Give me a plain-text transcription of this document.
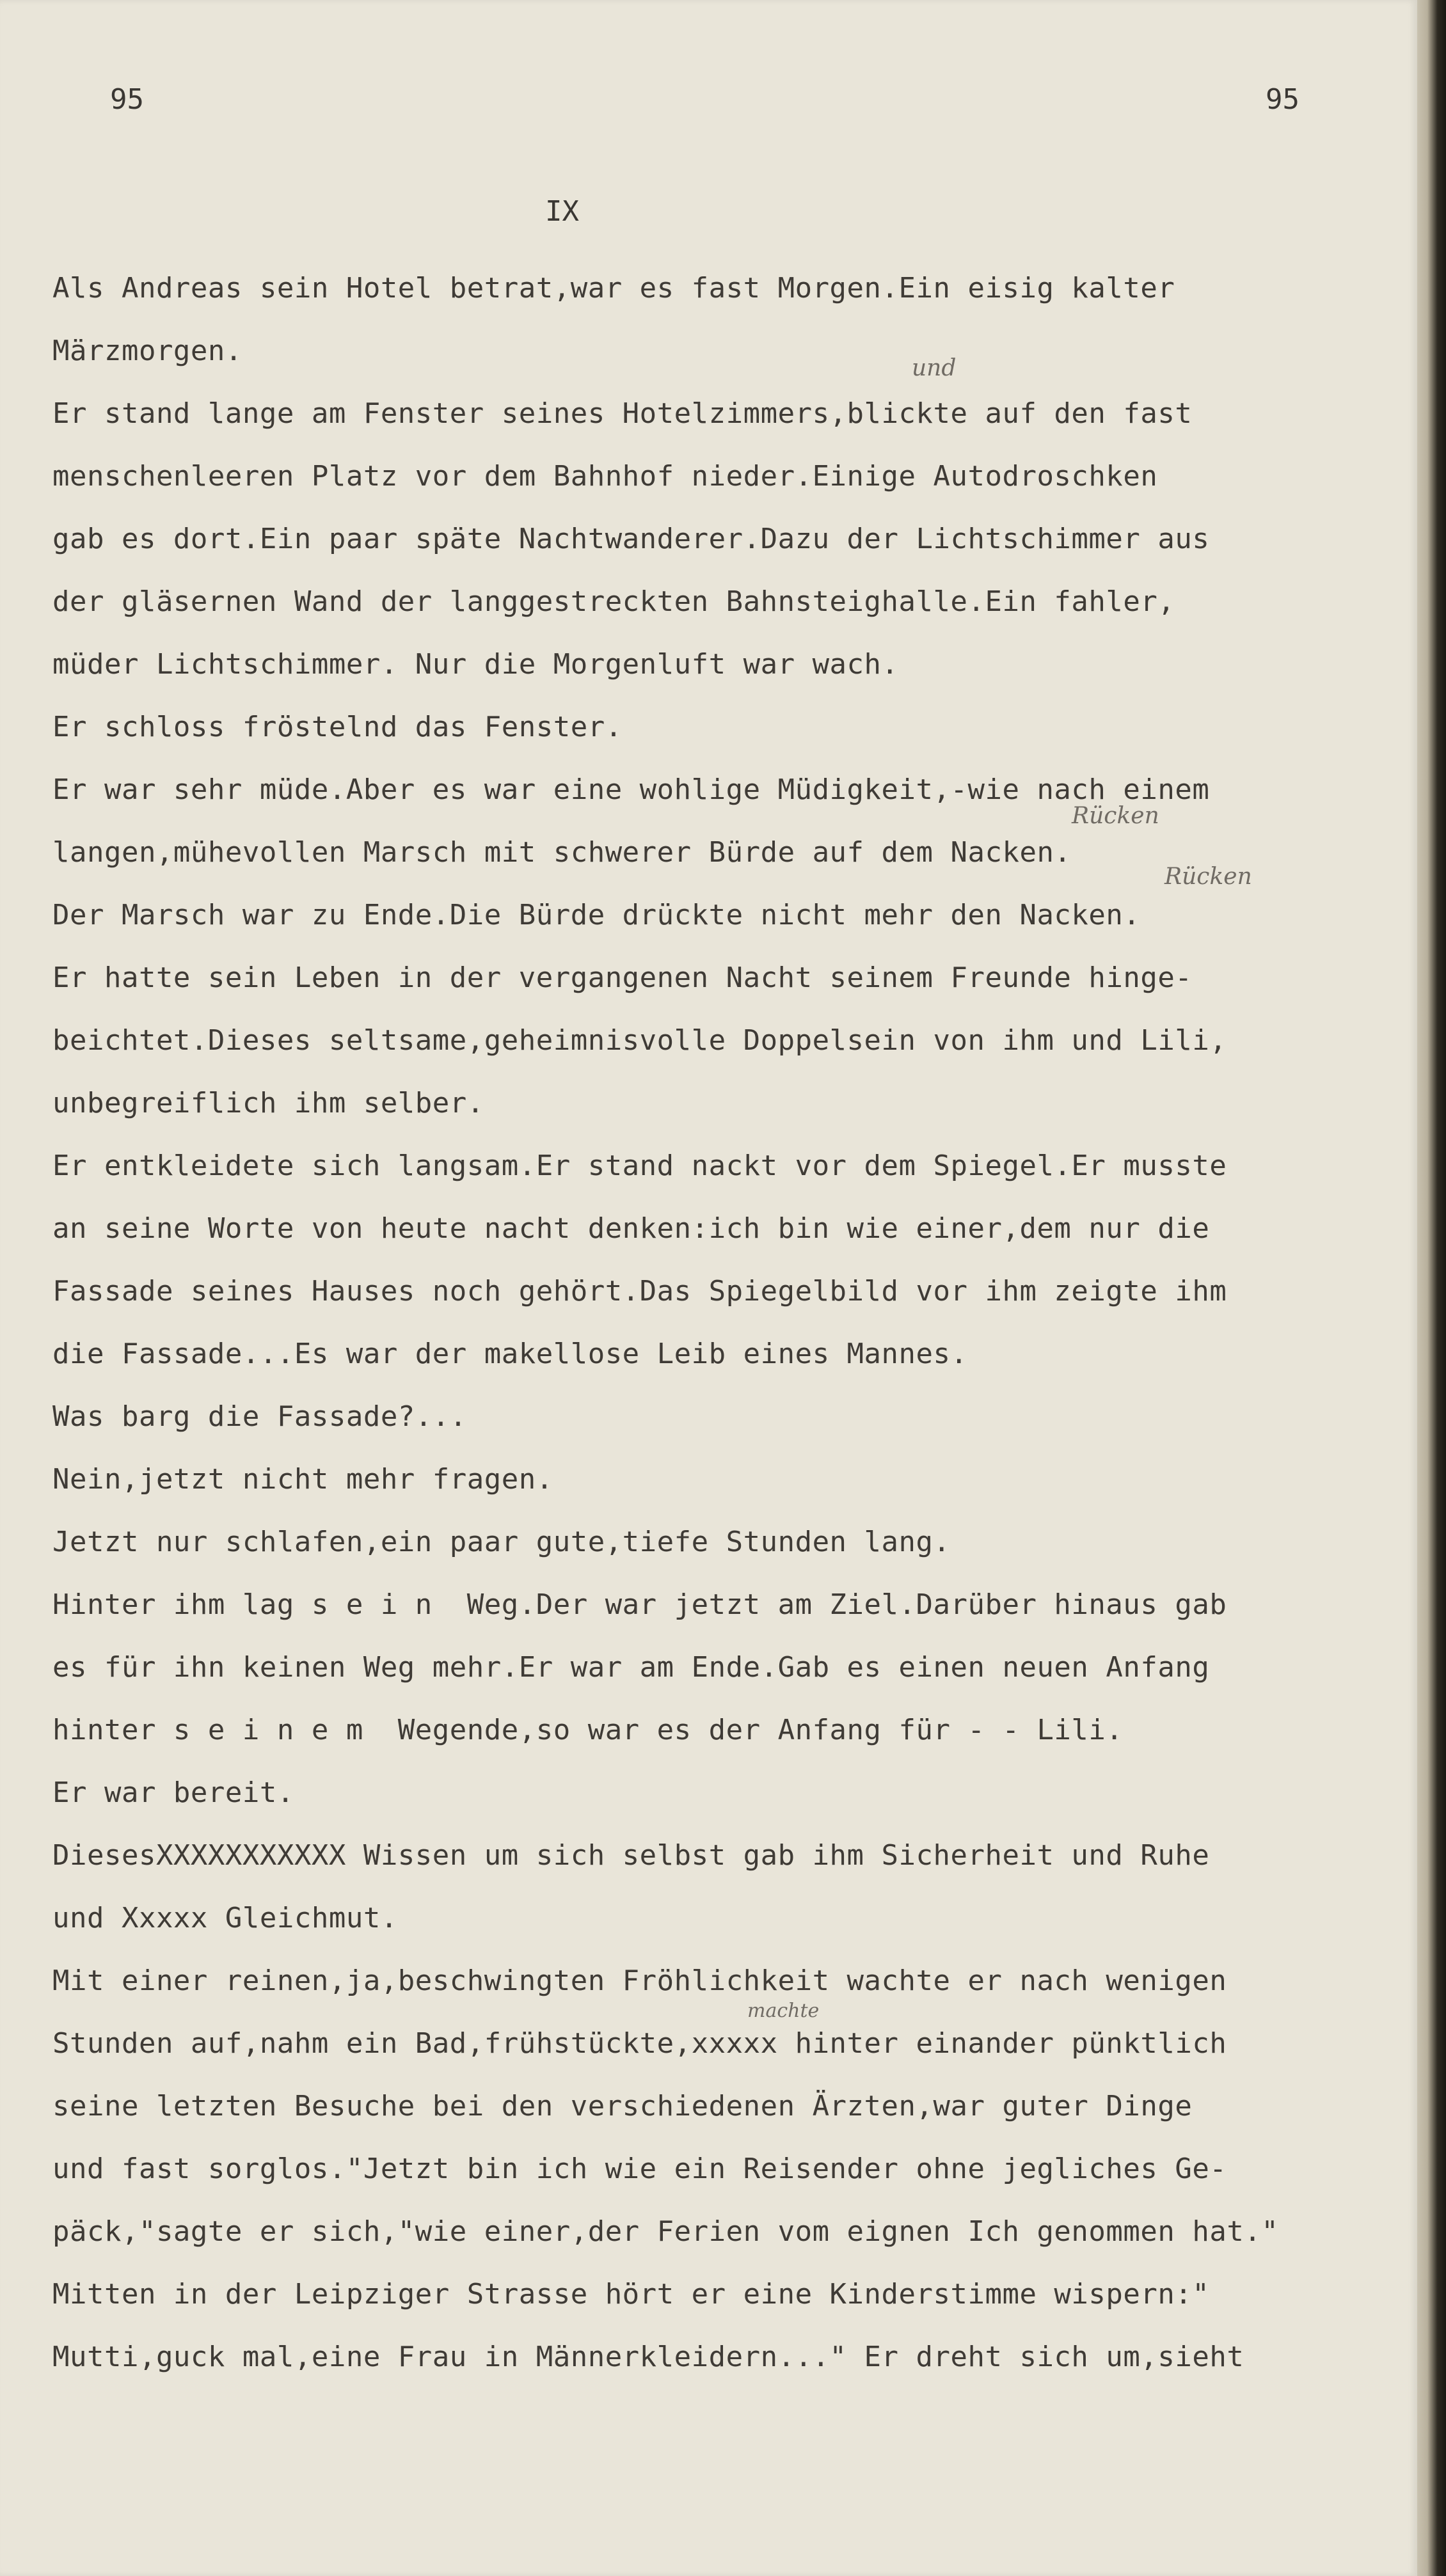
95	95
IX
Als Andreas sein Hotel betrat,war es fast Morgen.Ein eisig kalter
Märzmorgen.
Er stand lange am Fenster seines Hotelzimmers,blickte auf den fast
menschenleeren Platz vor dem Bahnhof nieder.Einige Autodroschken
gab es dort.Ein paar späte Nachtwanderer.Dazu der Lichtschimmer aus
der gläsernen Wand der langgestreckten Bahnsteighalle.Ein fahler,
müder Lichtschimmer. Nur die Morgenluft war wach.
Er schloss fröstelnd das Fenster.
Er war sehr müde.Aber es war eine wohlige Müdigkeit,-wie nach einem
langen,mühevollen Marsch mit schwerer Bürde auf dem Nacken.
Der Marsch war zu Ende.Die Bürde drückte nicht mehr den Nacken.
Er hatte sein Leben in der vergangenen Nacht seinem Freunde hinge-
beichtet.Dieses seltsame,geheimnisvolle Doppelsein von ihm und Lili,
unbegreiflich ihm selber.
Er entkleidete sich langsam.Er stand nackt vor dem Spiegel.Er musste
an seine Worte von heute nacht denken:ich bin wie einer,dem nur die
Fassade seines Hauses noch gehört.Das Spiegelbild vor ihm zeigte ihm
die Fassade...Es war der makellose Leib eines Mannes.
Was barg die Fassade?...
Nein,jetzt nicht mehr fragen.
Jetzt nur schlafen,ein paar gute,tiefe Stunden lang.
Hinter ihm lag s e i n  Weg.Der war jetzt am Ziel.Darüber hinaus gab
es für ihn keinen Weg mehr.Er war am Ende.Gab es einen neuen Anfang
hinter s e i n e m  Wegende,so war es der Anfang für - - Lili.
Er war bereit.
DiesesXXXXXXXXXXX Wissen um sich selbst gab ihm Sicherheit und Ruhe
und Xxxxx Gleichmut.
Mit einer reinen,ja,beschwingten Fröhlichkeit wachte er nach wenigen
Stunden auf,nahm ein Bad,frühstückte,xxxxx hinter einander pünktlich
seine letzten Besuche bei den verschiedenen Ärzten,war guter Dinge
und fast sorglos."Jetzt bin ich wie ein Reisender ohne jegliches Ge-
päck,"sagte er sich,"wie einer,der Ferien vom eignen Ich genommen hat."
Mitten in der Leipziger Strasse hört er eine Kinderstimme wispern:"
Mutti,guck mal,eine Frau in Männerkleidern..." Er dreht sich um,sieht
und
Rücken
Rücken
machte
